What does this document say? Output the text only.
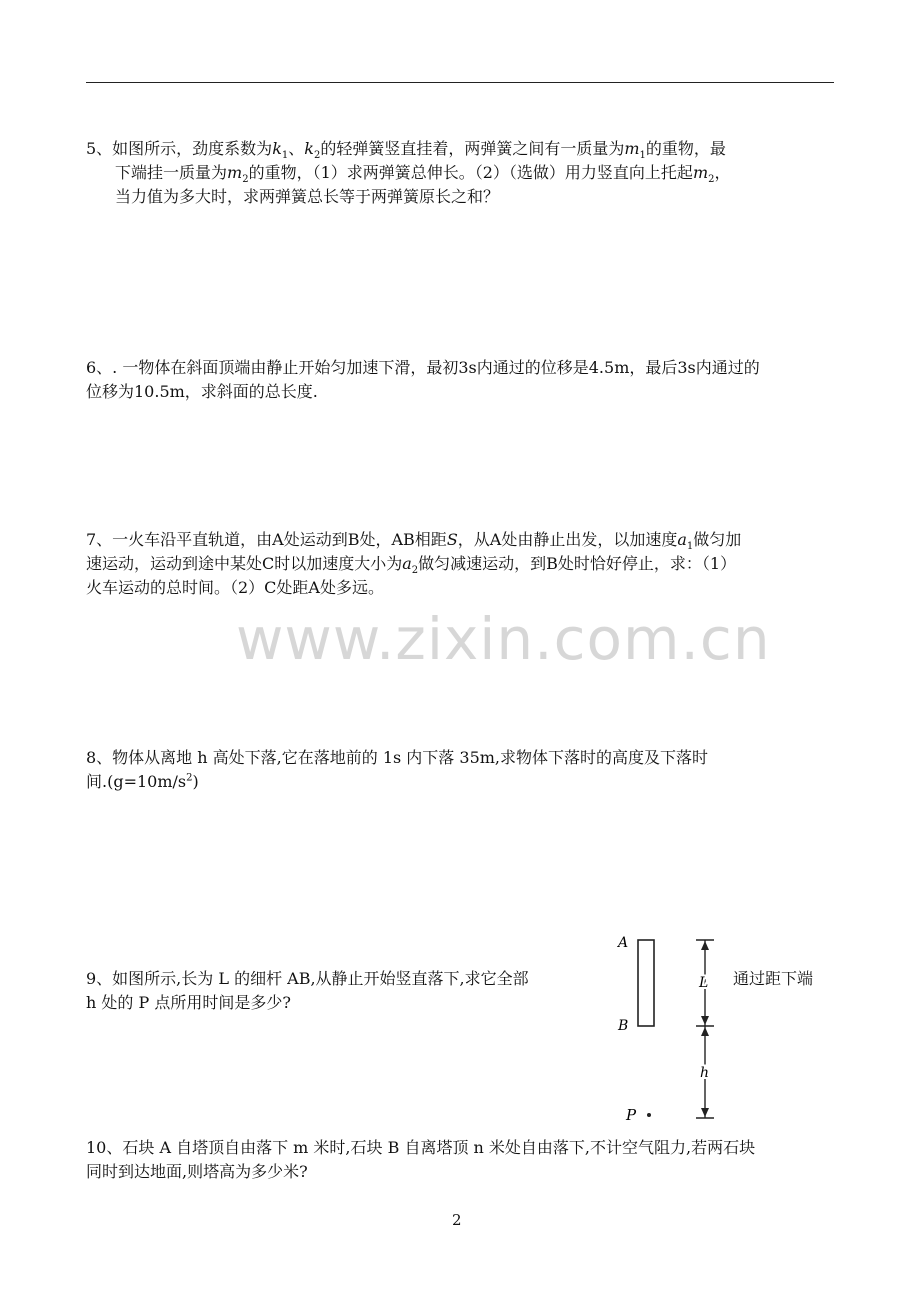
www.zixin.com.cn

5、如图所示，劲度系数为$k_1$、$k_2$的轻弹簧竖直挂着，两弹簧之间有一质量为$m_1$的重物，最

下端挂一质量为$m_2$的重物，（1）求两弹簧总伸长。（2）（选做）用力竖直向上托起$m_2$，

当力值为多大时，求两弹簧总长等于两弹簧原长之和？

6、. 一物体在斜面顶端由静止开始匀加速下滑，最初3s内通过的位移是4.5m，最后3s内通过的

位移为10.5m，求斜面的总长度.

7、一火车沿平直轨道，由A处运动到B处，AB相距S，从A处由静止出发，以加速度$a_1$做匀加

速运动，运动到途中某处C时以加速度大小为$a_2$做匀减速运动，到B处时恰好停止，求：（1）

火车运动的总时间。（2）C处距A处多远。

8、物体从离地 h 高处下落,它在落地前的 1s 内下落 35m,求物体下落时的高度及下落时

间$.(g=10m/s^2)$

9、如图所示,长为 L 的细杆 AB,从静止开始竖直落下,求它全部

h 处的 P 点所用时间是多少?

通过距下端
A
B
L
h
P

10、石块 A 自塔顶自由落下 m 米时,石块 B 自离塔顶 n 米处自由落下,不计空气阻力,若两石块

同时到达地面,则塔高为多少米?

2
